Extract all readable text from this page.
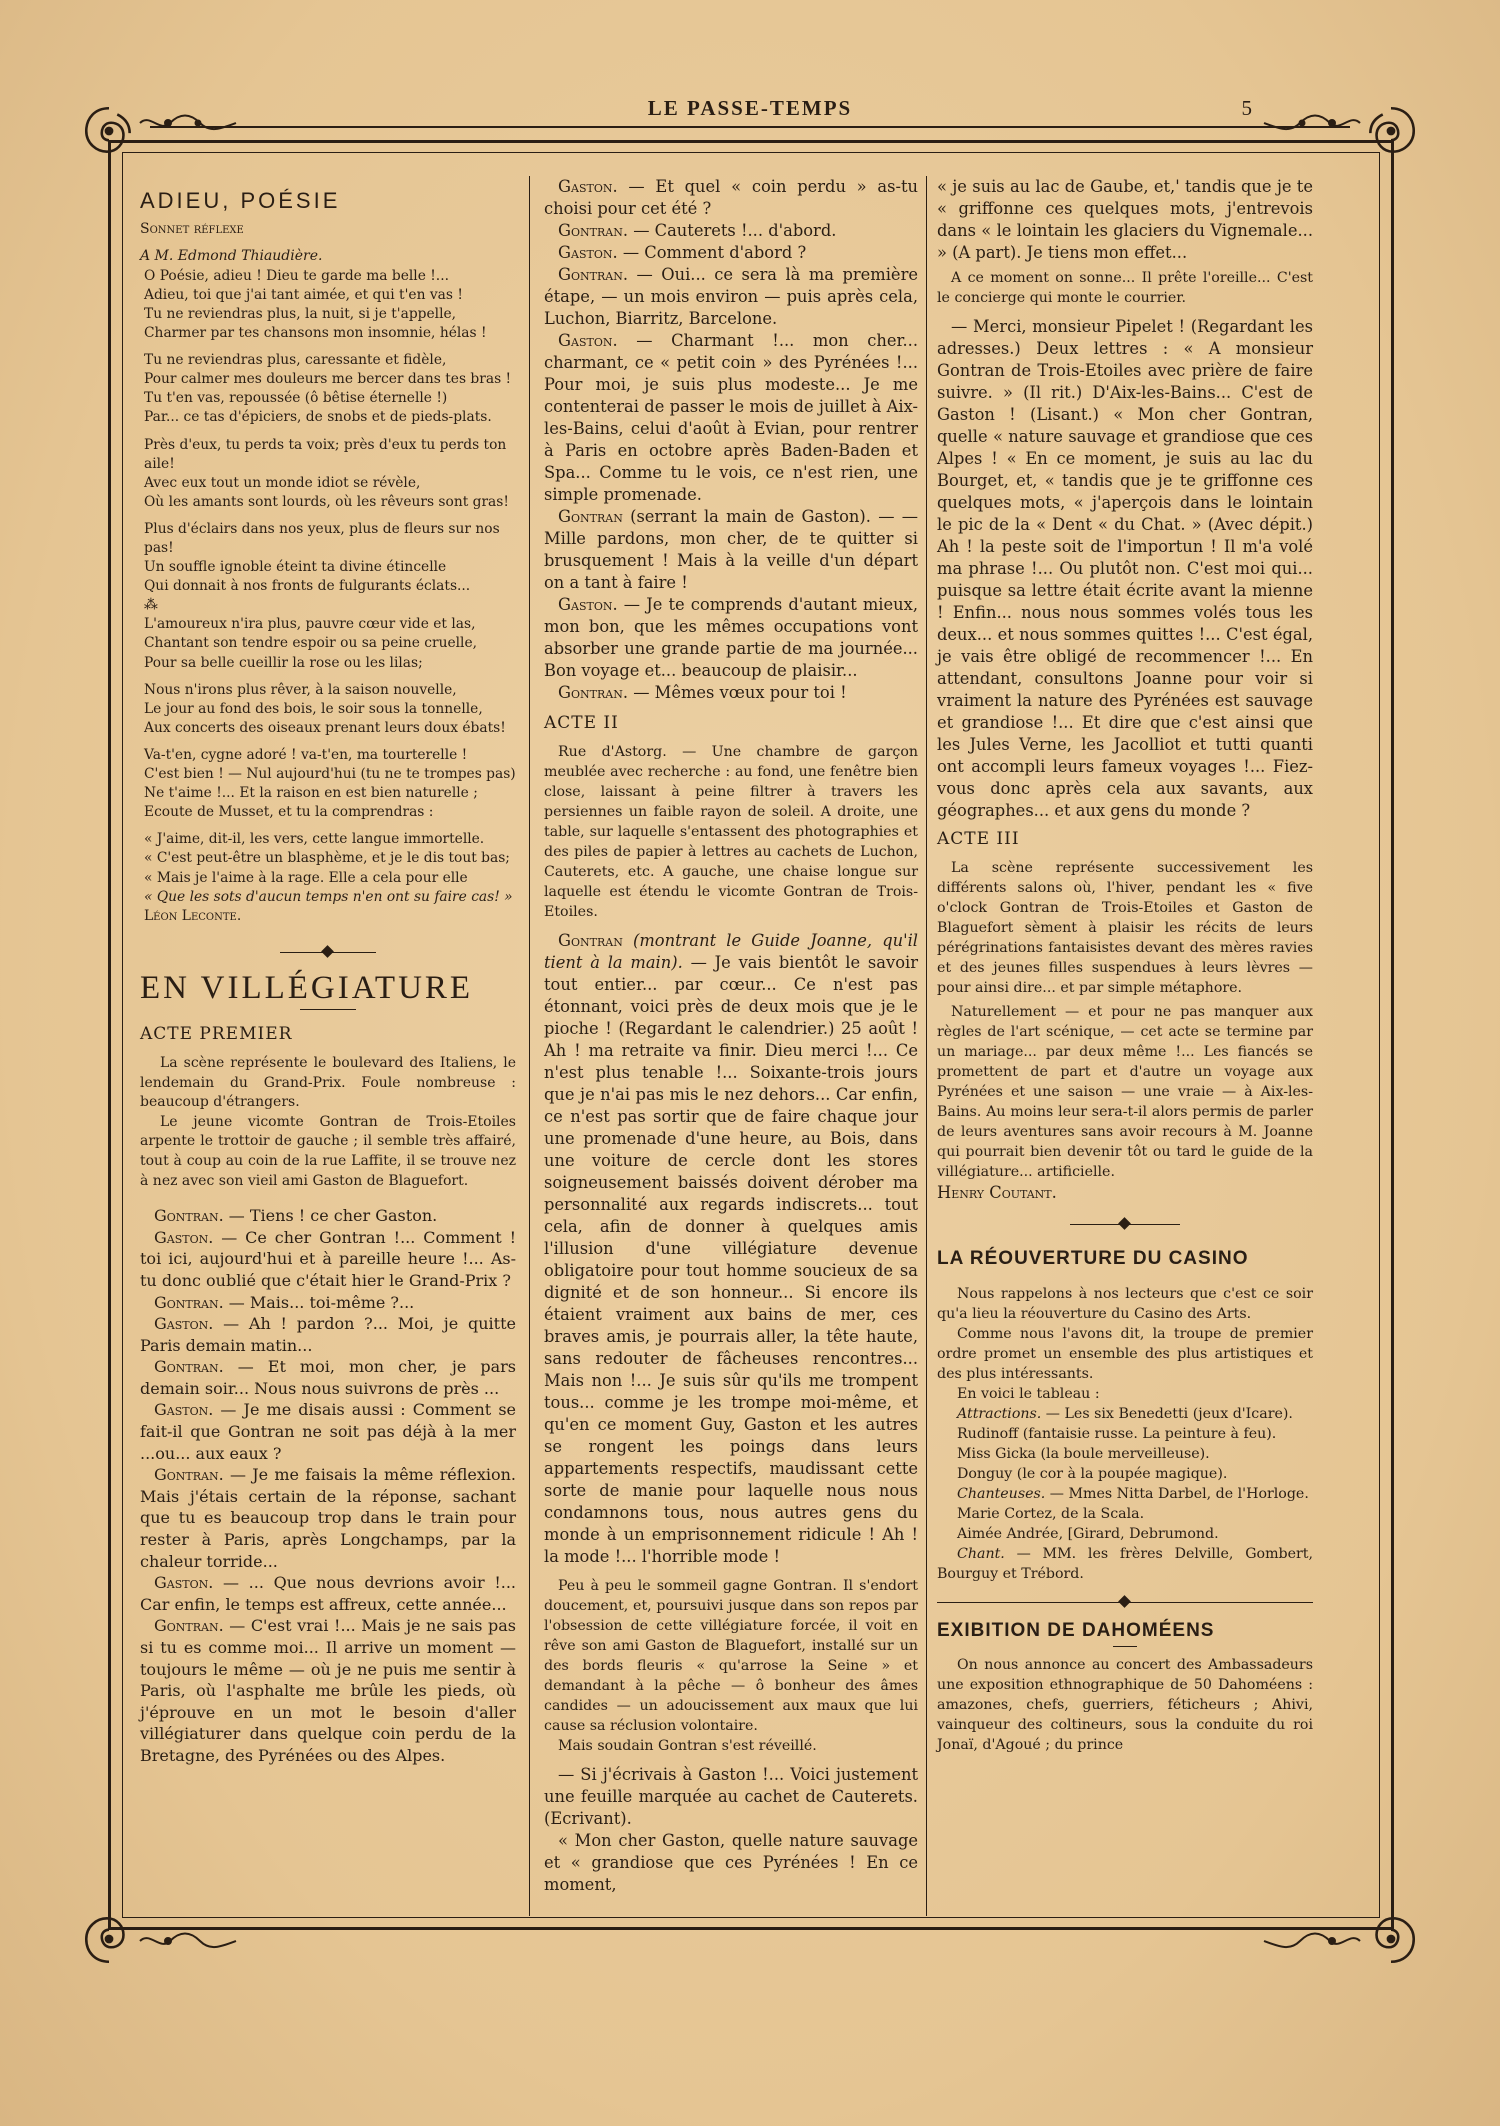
LE PASSE-TEMPS	5

ADIEU, POÉSIE

Sonnet réflexe

A M. Edmond Thiaudière.

O Poésie, adieu ! Dieu te garde ma belle !...

Adieu, toi que j'ai tant aimée, et qui t'en vas !

Tu ne reviendras plus, la nuit, si je t'appelle,

Charmer par tes chansons mon insomnie, hélas !

Tu ne reviendras plus, caressante et fidèle,

Pour calmer mes douleurs me bercer dans tes bras !

Tu t'en vas, repoussée (ô bêtise éternelle !)

Par... ce tas d'épiciers, de snobs et de pieds-plats.

Près d'eux, tu perds ta voix; près d'eux tu perds ton aile!

Avec eux tout un monde idiot se révèle,

Où les amants sont lourds, où les rêveurs sont gras!

Plus d'éclairs dans nos yeux, plus de fleurs sur nos pas!

Un souffle ignoble éteint ta divine étincelle

Qui donnait à nos fronts de fulgurants éclats...

⁂

L'amoureux n'ira plus, pauvre cœur vide et las,

Chantant son tendre espoir ou sa peine cruelle,

Pour sa belle cueillir la rose ou les lilas;

Nous n'irons plus rêver, à la saison nouvelle,

Le jour au fond des bois, le soir sous la tonnelle,

Aux concerts des oiseaux prenant leurs doux ébats!

Va-t'en, cygne adoré ! va-t'en, ma tourterelle !

C'est bien ! — Nul aujourd'hui (tu ne te trompes pas)

Ne t'aime !... Et la raison en est bien naturelle ;

Ecoute de Musset, et tu la comprendras :

« J'aime, dit-il, les vers, cette langue immortelle.

« C'est peut-être un blasphème, et je le dis tout bas;

« Mais je l'aime à la rage. Elle a cela pour elle

« Que les sots d'aucun temps n'en ont su faire cas! »

Léon Leconte.

EN VILLÉGIATURE

ACTE PREMIER

La scène représente le boulevard des Italiens, le lendemain du Grand-Prix. Foule nombreuse : beaucoup d'étrangers.

Le jeune vicomte Gontran de Trois-Etoiles arpente le trottoir de gauche ; il semble très affairé, tout à coup au coin de la rue Laffite, il se trouve nez à nez avec son vieil ami Gaston de Blaguefort.

Gontran. — Tiens ! ce cher Gaston.

Gaston. — Ce cher Gontran !... Comment ! toi ici, aujourd'hui et à pareille heure !... As-tu donc oublié que c'était hier le Grand-Prix ?

Gontran. — Mais... toi-même ?...

Gaston. — Ah ! pardon ?... Moi, je quitte Paris demain matin...

Gontran. — Et moi, mon cher, je pars demain soir... Nous nous suivrons de près ...

Gaston. — Je me disais aussi : Comment se fait-il que Gontran ne soit pas déjà à la mer ...ou... aux eaux ?

Gontran. — Je me faisais la même réflexion. Mais j'étais certain de la réponse, sachant que tu es beaucoup trop dans le train pour rester à Paris, après Longchamps, par la chaleur torride...

Gaston. — ... Que nous devrions avoir !... Car enfin, le temps est affreux, cette année...

Gontran. — C'est vrai !... Mais je ne sais pas si tu es comme moi... Il arrive un moment — toujours le même — où je ne puis me sentir à Paris, où l'asphalte me brûle les pieds, où j'éprouve en un mot le besoin d'aller villégiaturer dans quelque coin perdu de la Bretagne, des Pyrénées ou des Alpes.

Gaston. — Et quel « coin perdu » as-tu choisi pour cet été ?

Gontran. — Cauterets !... d'abord.

Gaston. — Comment d'abord ?

Gontran. — Oui... ce sera là ma première étape, — un mois environ — puis après cela, Luchon, Biarritz, Barcelone.

Gaston. — Charmant !... mon cher... charmant, ce « petit coin » des Pyrénées !... Pour moi, je suis plus modeste... Je me contenterai de passer le mois de juillet à Aix-les-Bains, celui d'août à Evian, pour rentrer à Paris en octobre après Baden-Baden et Spa... Comme tu le vois, ce n'est rien, une simple promenade.

Gontran (serrant la main de Gaston). — — Mille pardons, mon cher, de te quitter si brusquement ! Mais à la veille d'un départ on a tant à faire !

Gaston. — Je te comprends d'autant mieux, mon bon, que les mêmes occupations vont absorber une grande partie de ma journée... Bon voyage et... beaucoup de plaisir...

Gontran. — Mêmes vœux pour toi !

ACTE II

Rue d'Astorg. — Une chambre de garçon meublée avec recherche : au fond, une fenêtre bien close, laissant à peine filtrer à travers les persiennes un faible rayon de soleil. A droite, une table, sur laquelle s'entassent des photographies et des piles de papier à lettres au cachets de Luchon, Cauterets, etc. A gauche, une chaise longue sur laquelle est étendu le vicomte Gontran de Trois-Etoiles.

Gontran (montrant le Guide Joanne, qu'il tient à la main). — Je vais bientôt le savoir tout entier... par cœur... Ce n'est pas étonnant, voici près de deux mois que je le pioche ! (Regardant le calendrier.) 25 août ! Ah ! ma retraite va finir. Dieu merci !... Ce n'est plus tenable !... Soixante-trois jours que je n'ai pas mis le nez dehors... Car enfin, ce n'est pas sortir que de faire chaque jour une promenade d'une heure, au Bois, dans une voiture de cercle dont les stores soigneusement baissés doivent dérober ma personnalité aux regards indiscrets... tout cela, afin de donner à quelques amis l'illusion d'une villégiature devenue obligatoire pour tout homme soucieux de sa dignité et de son honneur... Si encore ils étaient vraiment aux bains de mer, ces braves amis, je pourrais aller, la tête haute, sans redouter de fâcheuses rencontres... Mais non !... Je suis sûr qu'ils me trompent tous... comme je les trompe moi-même, et qu'en ce moment Guy, Gaston et les autres se rongent les poings dans leurs appartements respectifs, maudissant cette sorte de manie pour laquelle nous nous condamnons tous, nous autres gens du monde à un emprisonnement ridicule ! Ah ! la mode !... l'horrible mode !

Peu à peu le sommeil gagne Gontran. Il s'endort doucement, et, poursuivi jusque dans son repos par l'obsession de cette villégiature forcée, il voit en rêve son ami Gaston de Blaguefort, installé sur un des bords fleuris « qu'arrose la Seine » et demandant à la pêche — ô bonheur des âmes candides — un adoucissement aux maux que lui cause sa réclusion volontaire.

Mais soudain Gontran s'est réveillé.

— Si j'écrivais à Gaston !... Voici justement une feuille marquée au cachet de Cauterets. (Ecrivant).

« Mon cher Gaston, quelle nature sauvage et « grandiose que ces Pyrénées ! En ce moment,

« je suis au lac de Gaube, et,' tandis que je te « griffonne ces quelques mots, j'entrevois dans « le lointain les glaciers du Vignemale... » (A part). Je tiens mon effet...

A ce moment on sonne... Il prête l'oreille... C'est le concierge qui monte le courrier.

— Merci, monsieur Pipelet ! (Regardant les adresses.) Deux lettres : « A monsieur Gontran de Trois-Etoiles avec prière de faire suivre. » (Il rit.) D'Aix-les-Bains... C'est de Gaston ! (Lisant.) « Mon cher Gontran, quelle « nature sauvage et grandiose que ces Alpes ! « En ce moment, je suis au lac du Bourget, et, « tandis que je te griffonne ces quelques mots, « j'aperçois dans le lointain le pic de la « Dent « du Chat. » (Avec dépit.) Ah ! la peste soit de l'importun ! Il m'a volé ma phrase !... Ou plutôt non. C'est moi qui... puisque sa lettre était écrite avant la mienne ! Enfin... nous nous sommes volés tous les deux... et nous sommes quittes !... C'est égal, je vais être obligé de recommencer !... En attendant, consultons Joanne pour voir si vraiment la nature des Pyrénées est sauvage et grandiose !... Et dire que c'est ainsi que les Jules Verne, les Jacolliot et tutti quanti ont accompli leurs fameux voyages !... Fiez-vous donc après cela aux savants, aux géographes... et aux gens du monde ?

ACTE III

La scène représente successivement les différents salons où, l'hiver, pendant les « five o'clock Gontran de Trois-Etoiles et Gaston de Blaguefort sèment à plaisir les récits de leurs pérégrinations fantaisistes devant des mères ravies et des jeunes filles suspendues à leurs lèvres — pour ainsi dire... et par simple métaphore.

Naturellement — et pour ne pas manquer aux règles de l'art scénique, — cet acte se termine par un mariage... par deux même !... Les fiancés se promettent de part et d'autre un voyage aux Pyrénées et une saison — une vraie — à Aix-les-Bains. Au moins leur sera-t-il alors permis de parler de leurs aventures sans avoir recours à M. Joanne qui pourrait bien devenir tôt ou tard le guide de la villégiature... artificielle.

Henry Coutant.

LA RÉOUVERTURE DU CASINO

Nous rappelons à nos lecteurs que c'est ce soir qu'a lieu la réouverture du Casino des Arts.

Comme nous l'avons dit, la troupe de premier ordre promet un ensemble des plus artistiques et des plus intéressants.

En voici le tableau :

Attractions. — Les six Benedetti (jeux d'Icare).

Rudinoff (fantaisie russe. La peinture à feu).

Miss Gicka (la boule merveilleuse).

Donguy (le cor à la poupée magique).

Chanteuses. — Mmes Nitta Darbel, de l'Horloge.

Marie Cortez, de la Scala.

Aimée Andrée, [Girard, Debrumond.

Chant. — MM. les frères Delville, Gombert, Bourguy et Trébord.

EXIBITION DE DAHOMÉENS

On nous annonce au concert des Ambassadeurs une exposition ethnographique de 50 Dahoméens : amazones, chefs, guerriers, féticheurs ; Ahivi, vainqueur des coltineurs, sous la conduite du roi Jonaï, d'Agoué ; du prince
